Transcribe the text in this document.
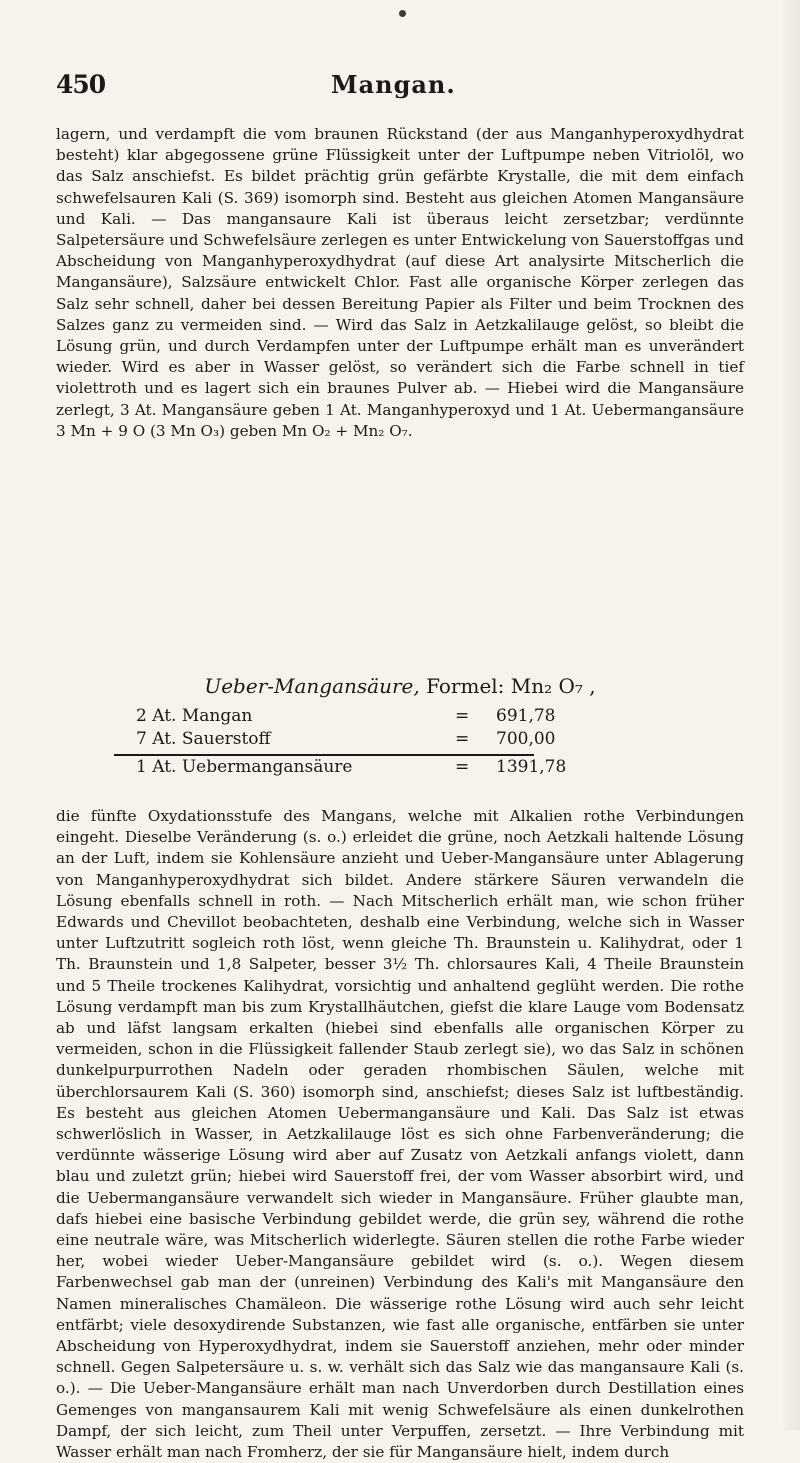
450	Mangan.

lagern, und verdampft die vom braunen Rückstand (der aus Manganhyperoxydhydrat besteht) klar abgegossene grüne Flüssigkeit unter der Luftpumpe neben Vitriolöl, wo das Salz anschiefst. Es bildet prächtig grün gefärbte Krystalle, die mit dem einfach schwefelsauren Kali (S. 369) isomorph sind. Besteht aus gleichen Atomen Mangansäure und Kali. — Das mangansaure Kali ist überaus leicht zersetzbar; verdünnte Salpetersäure und Schwefelsäure zerlegen es unter Entwickelung von Sauerstoffgas und Abscheidung von Manganhyperoxydhydrat (auf diese Art analysirte Mitscherlich die Mangansäure), Salzsäure entwickelt Chlor. Fast alle organische Körper zerlegen das Salz sehr schnell, daher bei dessen Bereitung Papier als Filter und beim Trocknen des Salzes ganz zu vermeiden sind. — Wird das Salz in Aetzkalilauge gelöst, so bleibt die Lösung grün, und durch Verdampfen unter der Luftpumpe erhält man es unverändert wieder. Wird es aber in Wasser gelöst, so verändert sich die Farbe schnell in tief violettroth und es lagert sich ein braunes Pulver ab. — Hiebei wird die Mangansäure zerlegt, 3 At. Mangansäure geben 1 At. Manganhyperoxyd und 1 At. Uebermangansäure 3 Mn + 9 O (3 Mn O₃) geben Mn O₂ + Mn₂ O₇.

Ueber-Mangansäure, Formel: Mn₂ O₇ ,

2 At. Mangan	= 691,78
7 At. Sauerstoff	= 700,00
1 At. Uebermangansäure	= 1391,78

die fünfte Oxydationsstufe des Mangans, welche mit Alkalien rothe Verbindungen eingeht. Dieselbe Veränderung (s. o.) erleidet die grüne, noch Aetzkali haltende Lösung an der Luft, indem sie Kohlensäure anzieht und Ueber-Mangansäure unter Ablagerung von Manganhyperoxydhydrat sich bildet. Andere stärkere Säuren verwandeln die Lösung ebenfalls schnell in roth. — Nach Mitscherlich erhält man, wie schon früher Edwards und Chevillot beobachteten, deshalb eine Verbindung, welche sich in Wasser unter Luftzutritt sogleich roth löst, wenn gleiche Th. Braunstein u. Kalihydrat, oder 1 Th. Braunstein und 1,8 Salpeter, besser 3½ Th. chlorsaures Kali, 4 Theile Braunstein und 5 Theile trockenes Kalihydrat, vorsichtig und anhaltend geglüht werden. Die rothe Lösung verdampft man bis zum Krystallhäutchen, giefst die klare Lauge vom Bodensatz ab und läfst langsam erkalten (hiebei sind ebenfalls alle organischen Körper zu vermeiden, schon in die Flüssigkeit fallender Staub zerlegt sie), wo das Salz in schönen dunkelpurpurrothen Nadeln oder geraden rhombischen Säulen, welche mit überchlorsaurem Kali (S. 360) isomorph sind, anschiefst; dieses Salz ist luftbeständig. Es besteht aus gleichen Atomen Uebermangansäure und Kali. Das Salz ist etwas schwerlöslich in Wasser, in Aetzkalilauge löst es sich ohne Farbenveränderung; die verdünnte wässerige Lösung wird aber auf Zusatz von Aetzkali anfangs violett, dann blau und zuletzt grün; hiebei wird Sauerstoff frei, der vom Wasser absorbirt wird, und die Uebermangansäure verwandelt sich wieder in Mangansäure. Früher glaubte man, dafs hiebei eine basische Verbindung gebildet werde, die grün sey, während die rothe eine neutrale wäre, was Mitscherlich widerlegte. Säuren stellen die rothe Farbe wieder her, wobei wieder Ueber-Mangansäure gebildet wird (s. o.). Wegen diesem Farbenwechsel gab man der (unreinen) Verbindung des Kali's mit Mangansäure den Namen mineralisches Chamäleon. Die wässerige rothe Lösung wird auch sehr leicht entfärbt; viele desoxydirende Substanzen, wie fast alle organische, entfärben sie unter Abscheidung von Hyperoxydhydrat, indem sie Sauerstoff anziehen, mehr oder minder schnell. Gegen Salpetersäure u. s. w. verhält sich das Salz wie das mangansaure Kali (s. o.). — Die Ueber-Mangansäure erhält man nach Unverdorben durch Destillation eines Gemenges von mangansaurem Kali mit wenig Schwefelsäure als einen dunkelrothen Dampf, der sich leicht, zum Theil unter Verpuffen, zersetzt. — Ihre Verbindung mit Wasser erhält man nach Fromherz, der sie für Mangansäure hielt, indem durch
